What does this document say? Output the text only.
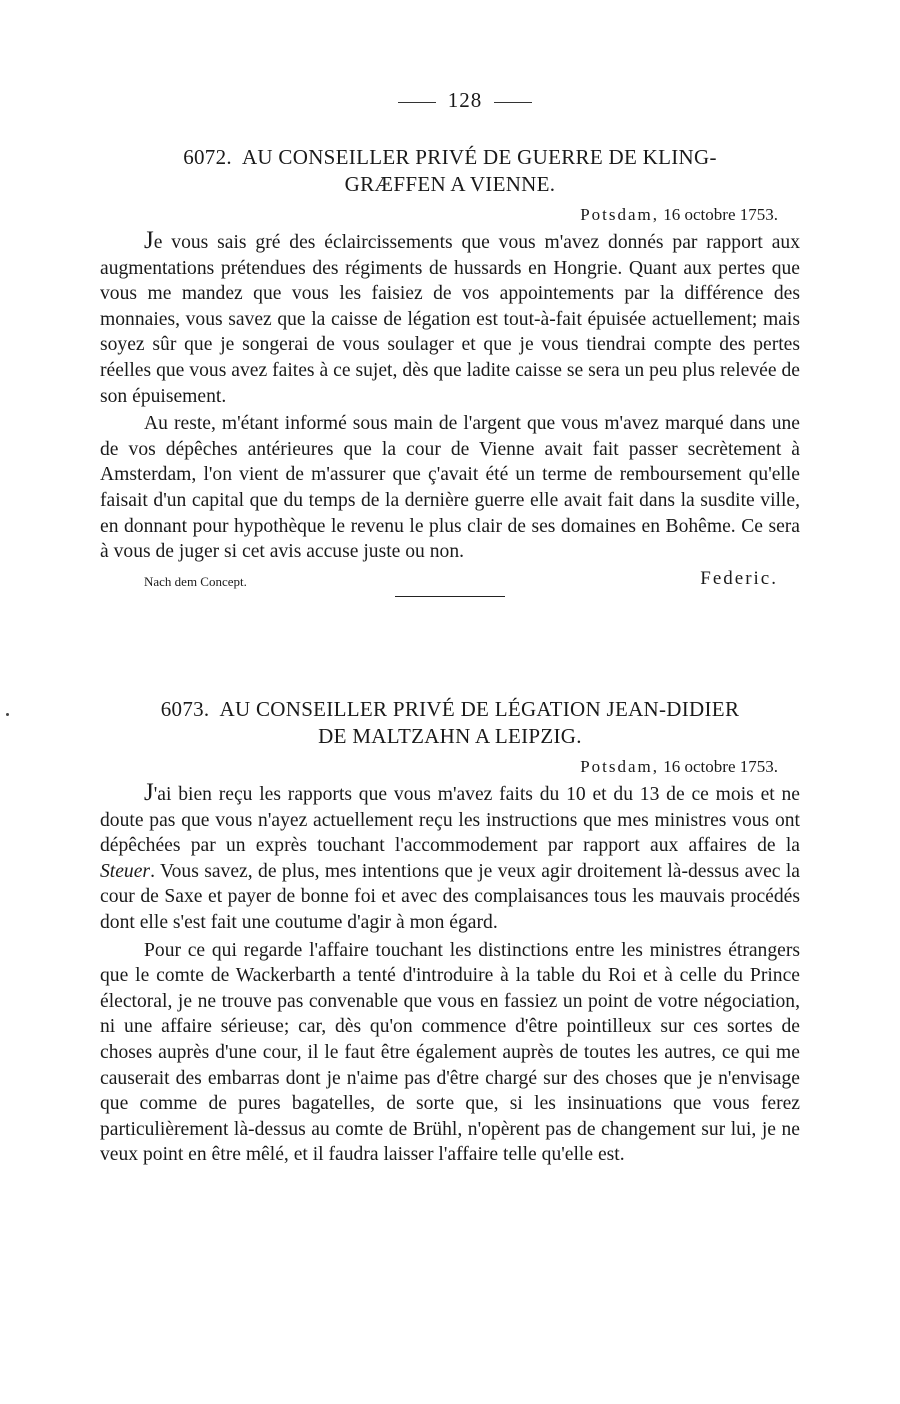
128
6072. AU CONSEILLER PRIVÉ DE GUERRE DE KLING-
GRÆFFEN A VIENNE.
Potsdam, 16 octobre 1753.

Je vous sais gré des éclaircissements que vous m'avez donnés par rapport aux augmentations prétendues des régiments de hussards en Hongrie. Quant aux pertes que vous me mandez que vous les faisiez de vos appointements par la différence des monnaies, vous savez que la caisse de légation est tout-à-fait épuisée actuellement; mais soyez sûr que je songerai de vous soulager et que je vous tiendrai compte des pertes réelles que vous avez faites à ce sujet, dès que ladite caisse se sera un peu plus relevée de son épuisement.

Au reste, m'étant informé sous main de l'argent que vous m'avez marqué dans une de vos dépêches antérieures que la cour de Vienne avait fait passer secrètement à Amsterdam, l'on vient de m'assurer que ç'avait été un terme de remboursement qu'elle faisait d'un capital que du temps de la dernière guerre elle avait fait dans la susdite ville, en donnant pour hypothèque le revenu le plus clair de ses domaines en Bohême. Ce sera à vous de juger si cet avis accuse juste ou non.

Nach dem Concept.	Federic.
6073. AU CONSEILLER PRIVÉ DE LÉGATION JEAN-DIDIER
DE MALTZAHN A LEIPZIG.
Potsdam, 16 octobre 1753.

J'ai bien reçu les rapports que vous m'avez faits du 10 et du 13 de ce mois et ne doute pas que vous n'ayez actuellement reçu les instructions que mes ministres vous ont dépêchées par un exprès touchant l'accommodement par rapport aux affaires de la Steuer. Vous savez, de plus, mes intentions que je veux agir droitement là-dessus avec la cour de Saxe et payer de bonne foi et avec des complaisances tous les mauvais procédés dont elle s'est fait une coutume d'agir à mon égard.

Pour ce qui regarde l'affaire touchant les distinctions entre les ministres étrangers que le comte de Wackerbarth a tenté d'introduire à la table du Roi et à celle du Prince électoral, je ne trouve pas convenable que vous en fassiez un point de votre négociation, ni une affaire sérieuse; car, dès qu'on commence d'être pointilleux sur ces sortes de choses auprès d'une cour, il le faut être également auprès de toutes les autres, ce qui me causerait des embarras dont je n'aime pas d'être chargé sur des choses que je n'envisage que comme de pures bagatelles, de sorte que, si les insinuations que vous ferez particulièrement là-dessus au comte de Brühl, n'opèrent pas de changement sur lui, je ne veux point en être mêlé, et il faudra laisser l'affaire telle qu'elle est.
